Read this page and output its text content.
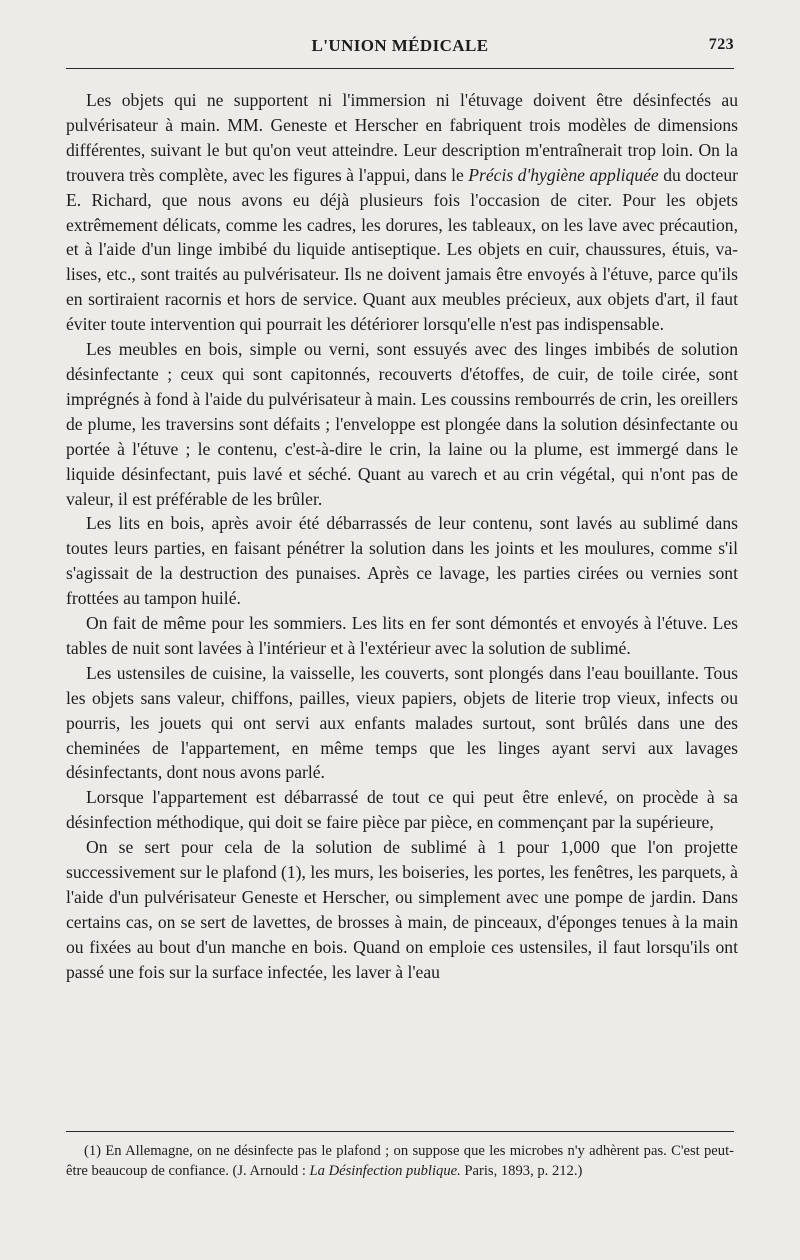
L'UNION MÉDICALE	723

Les objets qui ne supportent ni l'immersion ni l'étuvage doivent être désinfectés au pulvérisateur à main. MM. Geneste et Herscher en fabriquent trois modèles de dimensions différentes, suivant le but qu'on veut atteindre. Leur description m'entraînerait trop loin. On la trouvera très complète, avec les figures à l'appui, dans le Précis d'hygiène appliquée du docteur E. Richard, que nous avons eu déjà plusieurs fois l'occasion de citer. Pour les objets extrêmement délicats, comme les cadres, les dorures, les tableaux, on les lave avec précaution, et à l'aide d'un linge imbibé du liquide antiseptique. Les objets en cuir, chaussures, étuis, valises, etc., sont traités au pulvérisateur. Ils ne doivent jamais être envoyés à l'étuve, parce qu'ils en sortiraient racornis et hors de service. Quant aux meubles précieux, aux objets d'art, il faut éviter toute intervention qui pourrait les détériorer lorsqu'elle n'est pas indispensable.

Les meubles en bois, simple ou verni, sont essuyés avec des linges imbibés de solution désinfectante ; ceux qui sont capitonnés, recouverts d'étoffes, de cuir, de toile cirée, sont imprégnés à fond à l'aide du pulvérisateur à main. Les coussins rembourrés de crin, les oreillers de plume, les traversins sont défaits ; l'enveloppe est plongée dans la solution désinfectante ou portée à l'étuve ; le contenu, c'est-à-dire le crin, la laine ou la plume, est immergé dans le liquide désinfectant, puis lavé et séché. Quant au varech et au crin végétal, qui n'ont pas de valeur, il est préférable de les brûler.

Les lits en bois, après avoir été débarrassés de leur contenu, sont lavés au sublimé dans toutes leurs parties, en faisant pénétrer la solution dans les joints et les moulures, comme s'il s'agissait de la destruction des punaises. Après ce lavage, les parties cirées ou vernies sont frottées au tampon huilé.

On fait de même pour les sommiers. Les lits en fer sont démontés et envoyés à l'étuve. Les tables de nuit sont lavées à l'intérieur et à l'extérieur avec la solution de sublimé.

Les ustensiles de cuisine, la vaisselle, les couverts, sont plongés dans l'eau bouillante. Tous les objets sans valeur, chiffons, pailles, vieux papiers, objets de literie trop vieux, infects ou pourris, les jouets qui ont servi aux enfants malades surtout, sont brûlés dans une des cheminées de l'appartement, en même temps que les linges ayant servi aux lavages désinfectants, dont nous avons parlé.

Lorsque l'appartement est débarrassé de tout ce qui peut être enlevé, on procède à sa désinfection méthodique, qui doit se faire pièce par pièce, en commençant par la supérieure,

On se sert pour cela de la solution de sublimé à 1 pour 1,000 que l'on projette successivement sur le plafond (1), les murs, les boiseries, les portes, les fenêtres, les parquets, à l'aide d'un pulvérisateur Geneste et Herscher, ou simplement avec une pompe de jardin. Dans certains cas, on se sert de lavettes, de brosses à main, de pinceaux, d'éponges tenues à la main ou fixées au bout d'un manche en bois. Quand on emploie ces ustensiles, il faut lorsqu'ils ont passé une fois sur la surface infectée, les laver à l'eau

(1) En Allemagne, on ne désinfecte pas le plafond ; on suppose que les microbes n'y adhèrent pas. C'est peut-être beaucoup de confiance. (J. Arnould : La Désinfection publique. Paris, 1893, p. 212.)
